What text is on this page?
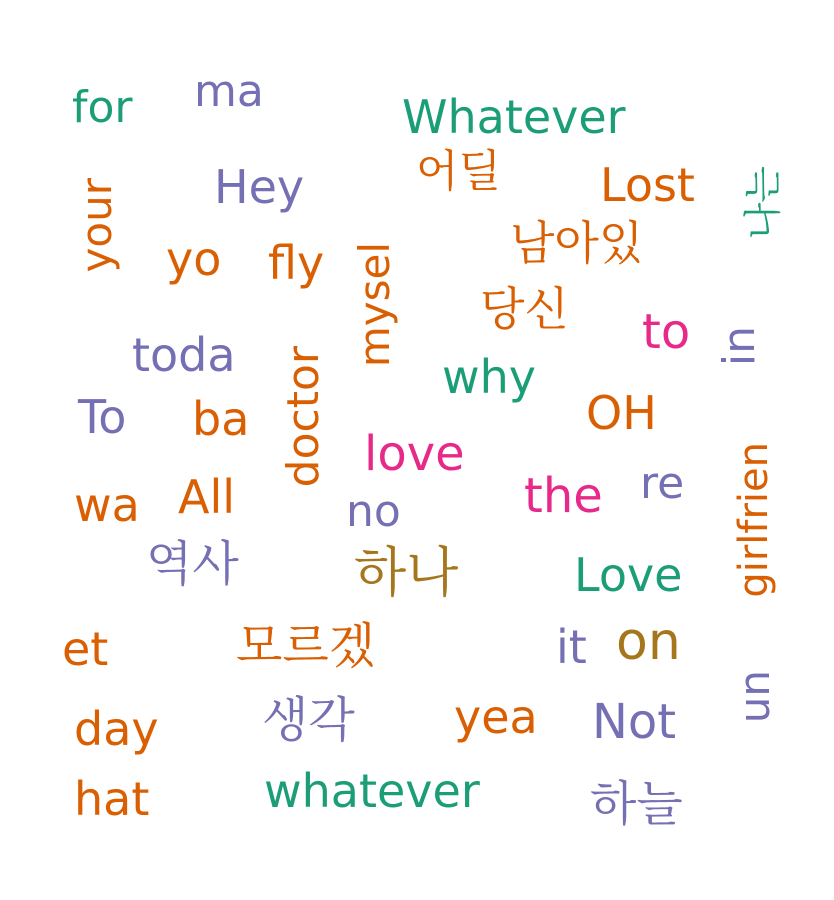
for ma	Whatever
어딜 Lost 나는
Hey
your yo fly mysel 남아있
당신 to in
toda	why
doctor
To ba	OH
love	girlfrien
wa All	no	the re
역사 하나	Love
et	모르겠	it on
un
day 생각 yea Not
hat whatever 하늘
